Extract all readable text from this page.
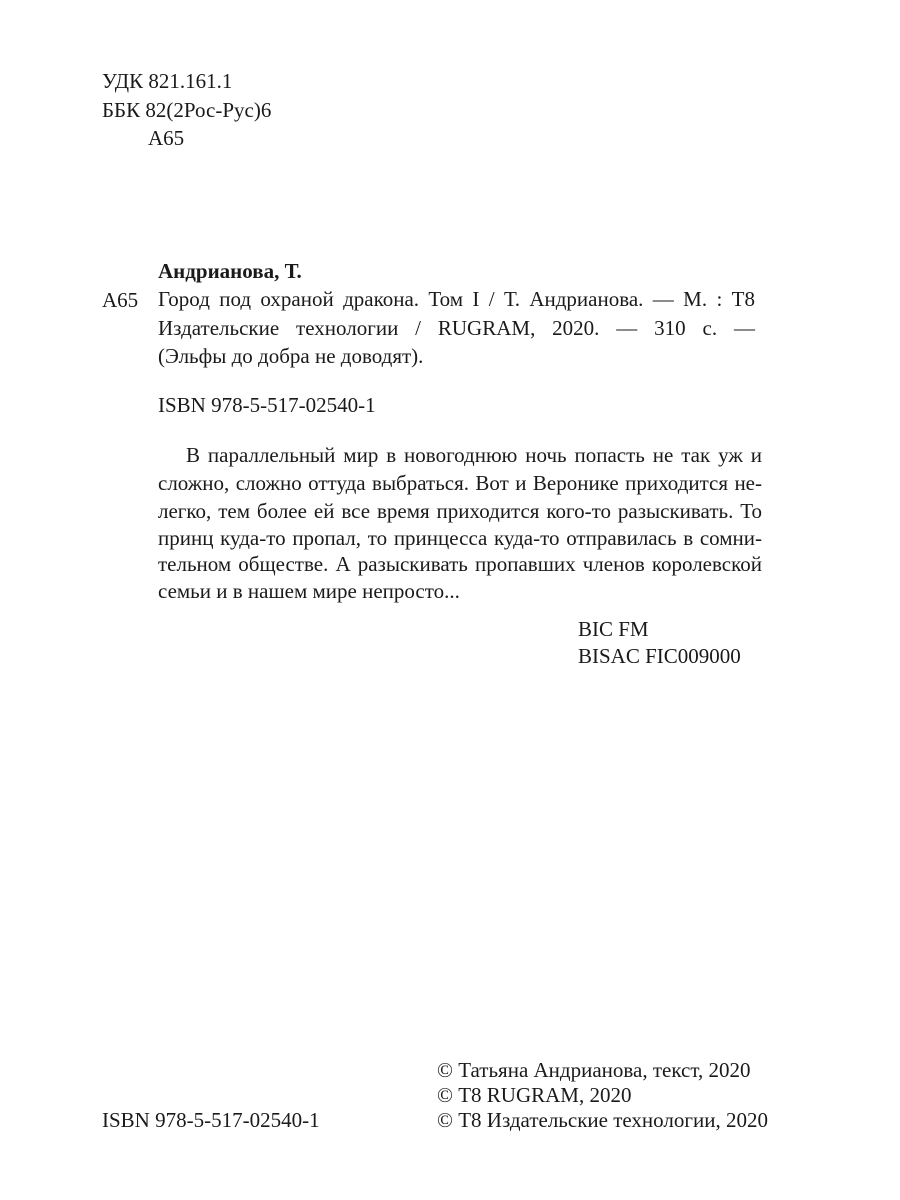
УДК 821.161.1
ББК 82(2Рос-Рус)6
А65
Андрианова, Т.
А65 Город под охраной дракона. Том I / Т. Андрианова. — М. : Т8
Издательские технологии / RUGRAM, 2020. — 310 с. —
(Эльфы до добра не доводят).
ISBN 978-5-517-02540-1
В параллельный мир в новогоднюю ночь попасть не так уж и
сложно, сложно оттуда выбраться. Вот и Веронике приходится не-
легко, тем более ей все время приходится кого-то разыскивать. То
принц куда-то пропал, то принцесса куда-то отправилась в сомни-
тельном обществе. А разыскивать пропавших членов королевской
семьи и в нашем мире непросто...
BIC FM
BISAC FIC009000
ISBN 978-5-517-02540-1
© Татьяна Андрианова, текст, 2020
© Т8 RUGRAM, 2020
© Т8 Издательские технологии, 2020
